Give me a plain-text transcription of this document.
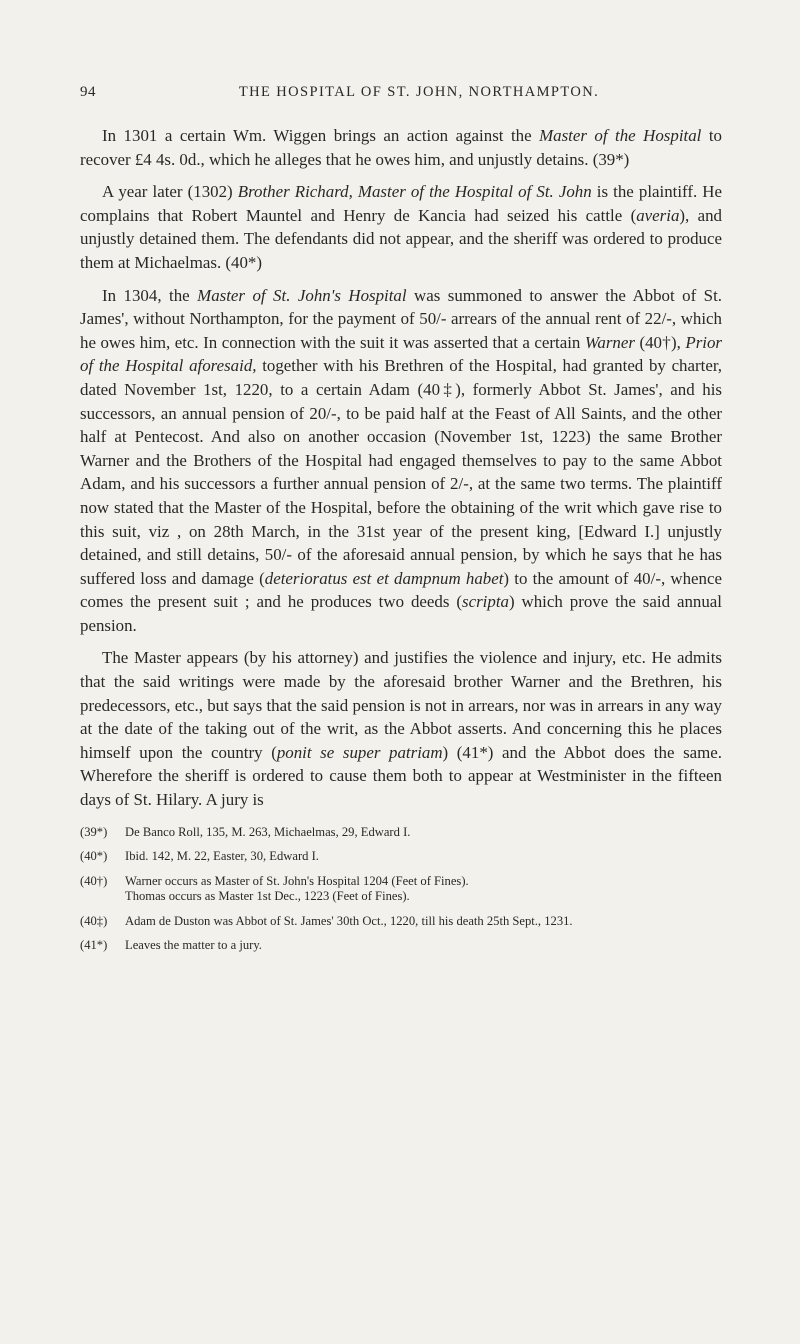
94	THE HOSPITAL OF ST. JOHN, NORTHAMPTON.

In 1301 a certain Wm. Wiggen brings an action against the Master of the Hospital to recover £4 4s. 0d., which he alleges that he owes him, and unjustly detains. (39*)

A year later (1302) Brother Richard, Master of the Hospital of St. John is the plaintiff. He complains that Robert Mauntel and Henry de Kancia had seized his cattle (averia), and unjustly detained them. The defendants did not appear, and the sheriff was ordered to produce them at Michaelmas. (40*)

In 1304, the Master of St. John's Hospital was summoned to answer the Abbot of St. James', without Northampton, for the payment of 50/- arrears of the annual rent of 22/-, which he owes him, etc. In connection with the suit it was asserted that a certain Warner (40†), Prior of the Hospital aforesaid, together with his Brethren of the Hospital, had granted by charter, dated November 1st, 1220, to a certain Adam (40‡), formerly Abbot St. James', and his successors, an annual pension of 20/-, to be paid half at the Feast of All Saints, and the other half at Pentecost. And also on another occasion (November 1st, 1223) the same Brother Warner and the Brothers of the Hospital had engaged themselves to pay to the same Abbot Adam, and his successors a further annual pension of 2/-, at the same two terms. The plaintiff now stated that the Master of the Hospital, before the obtaining of the writ which gave rise to this suit, viz , on 28th March, in the 31st year of the present king, [Edward I.] unjustly detained, and still detains, 50/- of the aforesaid annual pension, by which he says that he has suffered loss and damage (deterioratus est et dampnum habet) to the amount of 40/-, whence comes the present suit ; and he produces two deeds (scripta) which prove the said annual pension.

The Master appears (by his attorney) and justifies the violence and injury, etc. He admits that the said writings were made by the aforesaid brother Warner and the Brethren, his predecessors, etc., but says that the said pension is not in arrears, nor was in arrears in any way at the date of the taking out of the writ, as the Abbot asserts. And concerning this he places himself upon the country (ponit se super patriam) (41*) and the Abbot does the same. Wherefore the sheriff is ordered to cause them both to appear at Westminister in the fifteen days of St. Hilary. A jury is

(39*)	De Banco Roll, 135, M. 263, Michaelmas, 29, Edward I.
(40*)	Ibid. 142, M. 22, Easter, 30, Edward I.
(40†)	Warner occurs as Master of St. John's Hospital 1204 (Feet of Fines).
Thomas occurs as Master 1st Dec., 1223 (Feet of Fines).
(40‡)	Adam de Duston was Abbot of St. James' 30th Oct., 1220, till his death 25th Sept., 1231.
(41*)	Leaves the matter to a jury.
